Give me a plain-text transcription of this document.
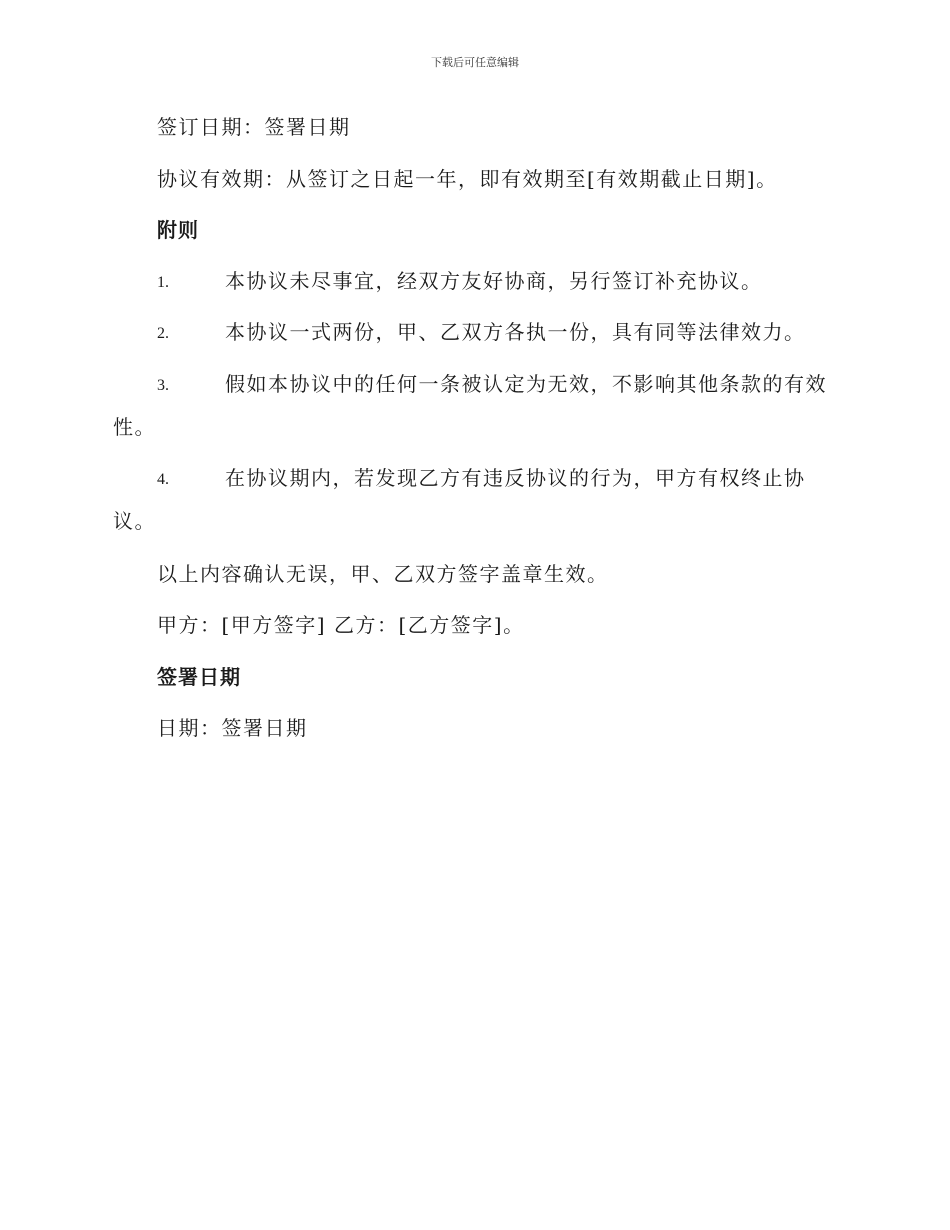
下载后可任意编辑
签订日期：签署日期
协议有效期：从签订之日起一年，即有效期至[有效期截止日期]。
附则
1.	本协议未尽事宜，经双方友好协商，另行签订补充协议。
2.	本协议一式两份，甲、乙双方各执一份，具有同等法律效力。
3.	假如本协议中的任何一条被认定为无效，不影响其他条款的有效
性。
4.	在协议期内，若发现乙方有违反协议的行为，甲方有权终止协
议。
以上内容确认无误，甲、乙双方签字盖章生效。
甲方：[甲方签字] 乙方：[乙方签字]。
签署日期
日期：签署日期
